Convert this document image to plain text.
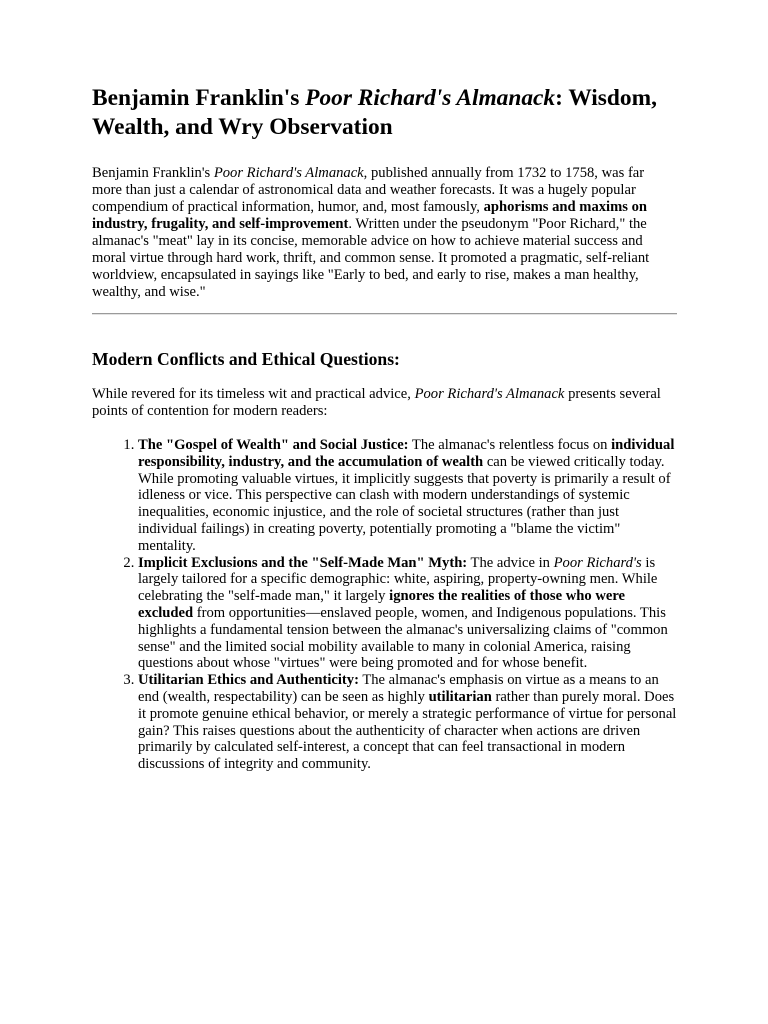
Benjamin Franklin's Poor Richard's Almanack: Wisdom, Wealth, and Wry Observation

Benjamin Franklin's Poor Richard's Almanack, published annually from 1732 to 1758, was far more than just a calendar of astronomical data and weather forecasts. It was a hugely popular compendium of practical information, humor, and, most famously, aphorisms and maxims on industry, frugality, and self-improvement. Written under the pseudonym "Poor Richard," the almanac's "meat" lay in its concise, memorable advice on how to achieve material success and moral virtue through hard work, thrift, and common sense. It promoted a pragmatic, self-reliant worldview, encapsulated in sayings like "Early to bed, and early to rise, makes a man healthy, wealthy, and wise."

Modern Conflicts and Ethical Questions:

While revered for its timeless wit and practical advice, Poor Richard's Almanack presents several points of contention for modern readers:

1. The "Gospel of Wealth" and Social Justice: The almanac's relentless focus on individual responsibility, industry, and the accumulation of wealth can be viewed critically today. While promoting valuable virtues, it implicitly suggests that poverty is primarily a result of idleness or vice. This perspective can clash with modern understandings of systemic inequalities, economic injustice, and the role of societal structures (rather than just individual failings) in creating poverty, potentially promoting a "blame the victim" mentality.
2. Implicit Exclusions and the "Self-Made Man" Myth: The advice in Poor Richard's is largely tailored for a specific demographic: white, aspiring, property-owning men. While celebrating the "self-made man," it largely ignores the realities of those who were excluded from opportunities—enslaved people, women, and Indigenous populations. This highlights a fundamental tension between the almanac's universalizing claims of "common sense" and the limited social mobility available to many in colonial America, raising questions about whose "virtues" were being promoted and for whose benefit.
3. Utilitarian Ethics and Authenticity: The almanac's emphasis on virtue as a means to an end (wealth, respectability) can be seen as highly utilitarian rather than purely moral. Does it promote genuine ethical behavior, or merely a strategic performance of virtue for personal gain? This raises questions about the authenticity of character when actions are driven primarily by calculated self-interest, a concept that can feel transactional in modern discussions of integrity and community.
